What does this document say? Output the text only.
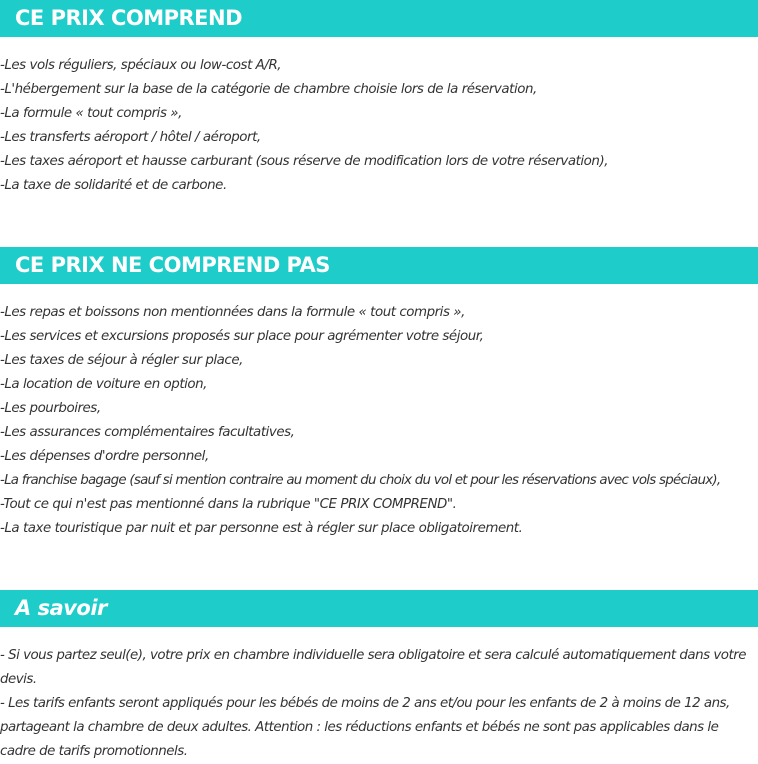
CE PRIX COMPREND
-Les vols réguliers, spéciaux ou low-cost A/R,
-L'hébergement sur la base de la catégorie de chambre choisie lors de la réservation,
-La formule « tout compris »,
-Les transferts aéroport / hôtel / aéroport,
-Les taxes aéroport et hausse carburant (sous réserve de modification lors de votre réservation),
-La taxe de solidarité et de carbone.
CE PRIX NE COMPREND PAS
-Les repas et boissons non mentionnées dans la formule « tout compris »,
-Les services et excursions proposés sur place pour agrémenter votre séjour,
-Les taxes de séjour à régler sur place,
-La location de voiture en option,
-Les pourboires,
-Les assurances complémentaires facultatives,
-Les dépenses d'ordre personnel,
-La franchise bagage (sauf si mention contraire au moment du choix du vol et pour les réservations avec vols spéciaux),
-Tout ce qui n'est pas mentionné dans la rubrique "CE PRIX COMPREND".
-La taxe touristique par nuit et par personne est à régler sur place obligatoirement.
A savoir

- Si vous partez seul(e), votre prix en chambre individuelle sera obligatoire et sera calculé automatiquement dans votre devis.

- Les tarifs enfants seront appliqués pour les bébés de moins de 2 ans et/ou pour les enfants de 2 à moins de 12 ans, partageant la chambre de deux adultes. Attention : les réductions enfants et bébés ne sont pas applicables dans le cadre de tarifs promotionnels.
